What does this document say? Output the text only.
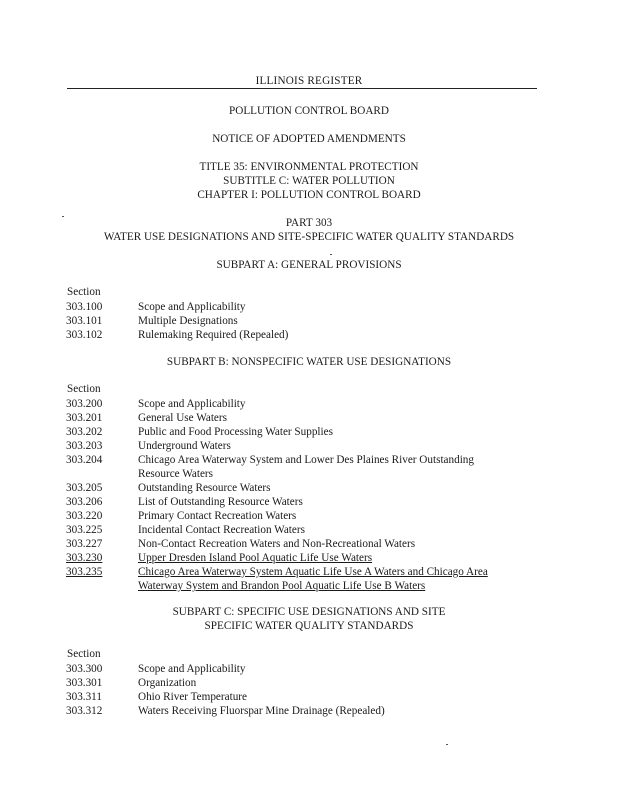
ILLINOIS REGISTER
POLLUTION CONTROL BOARD
NOTICE OF ADOPTED AMENDMENTS
TITLE 35: ENVIRONMENTAL PROTECTION
SUBTITLE C: WATER POLLUTION
CHAPTER I: POLLUTION CONTROL BOARD
PART 303
WATER USE DESIGNATIONS AND SITE-SPECIFIC WATER QUALITY STANDARDS
SUBPART A: GENERAL PROVISIONS
Section
303.100	Scope and Applicability
303.101	Multiple Designations
303.102	Rulemaking Required (Repealed)
SUBPART B: NONSPECIFIC WATER USE DESIGNATIONS
Section
303.200	Scope and Applicability
303.201	General Use Waters
303.202	Public and Food Processing Water Supplies
303.203	Underground Waters
303.204	Chicago Area Waterway System and Lower Des Plaines River Outstanding
Resource Waters
303.205	Outstanding Resource Waters
303.206	List of Outstanding Resource Waters
303.220	Primary Contact Recreation Waters
303.225	Incidental Contact Recreation Waters
303.227	Non-Contact Recreation Waters and Non-Recreational Waters
303.230	Upper Dresden Island Pool Aquatic Life Use Waters
303.235	Chicago Area Waterway System Aquatic Life Use A Waters and Chicago Area
Waterway System and Brandon Pool Aquatic Life Use B Waters
SUBPART C: SPECIFIC USE DESIGNATIONS AND SITE
SPECIFIC WATER QUALITY STANDARDS
Section
303.300	Scope and Applicability
303.301	Organization
303.311	Ohio River Temperature
303.312	Waters Receiving Fluorspar Mine Drainage (Repealed)
